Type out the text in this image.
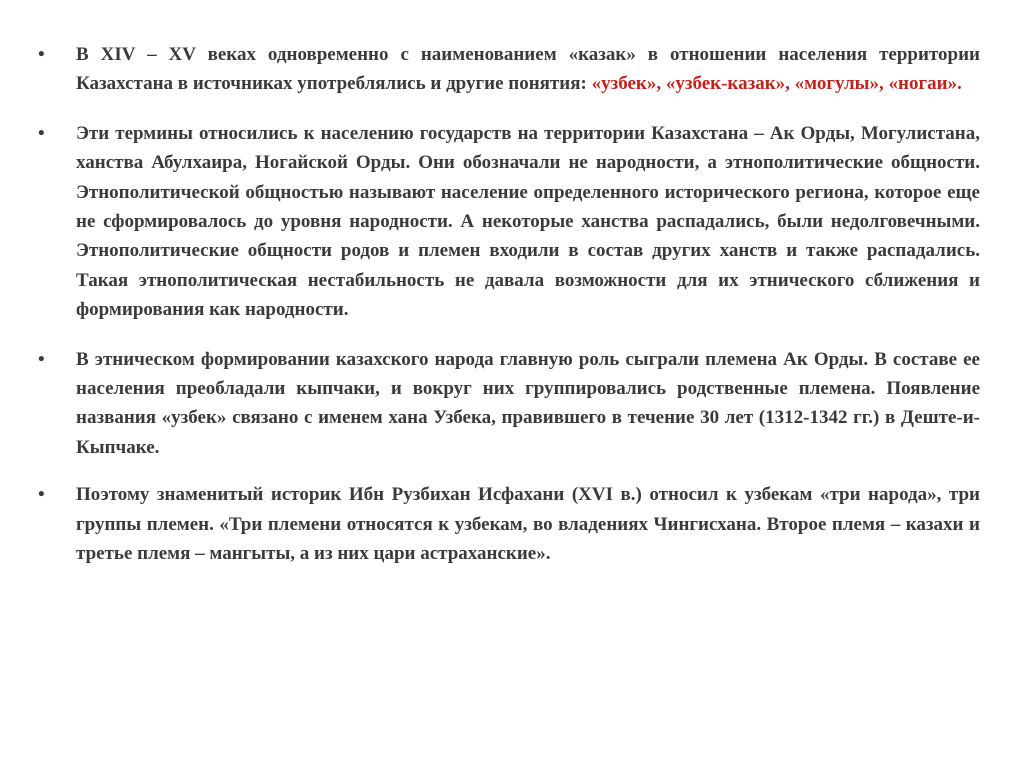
• В XIV – XV веках одновременно с наименованием «казак» в отношении населения территории Казахстана в источниках употреблялись и другие понятия: «узбек», «узбек-казак», «могулы», «ногаи».
• Эти термины относились к населению государств на территории Казахстана – Ак Орды, Могулистана, ханства Абулхаира, Ногайской Орды. Они обозначали не народности, а этнополитические общности. Этнополитической общностью называют население определенного исторического региона, которое еще не сформировалось до уровня народности. А некоторые ханства распадались, были недолговечными. Этнополитические общности родов и племен входили в состав других ханств и также распадались. Такая этнополитическая нестабильность не давала возможности для их этнического сближения и формирования как народности.
• В этническом формировании казахского народа главную роль сыграли племена Ак Орды. В составе ее населения преобладали кыпчаки, и вокруг них группировались родственные племена. Появление названия «узбек» связано с именем хана Узбека, правившего в течение 30 лет (1312-1342 гг.) в Деште-и-Кыпчаке.
• Поэтому знаменитый историк Ибн Рузбихан Исфахани (XVI в.) относил к узбекам «три народа», три группы племен. «Три племени относятся к узбекам, во владениях Чингисхана. Второе племя – казахи и третье племя – мангыты, а из них цари астраханские».
